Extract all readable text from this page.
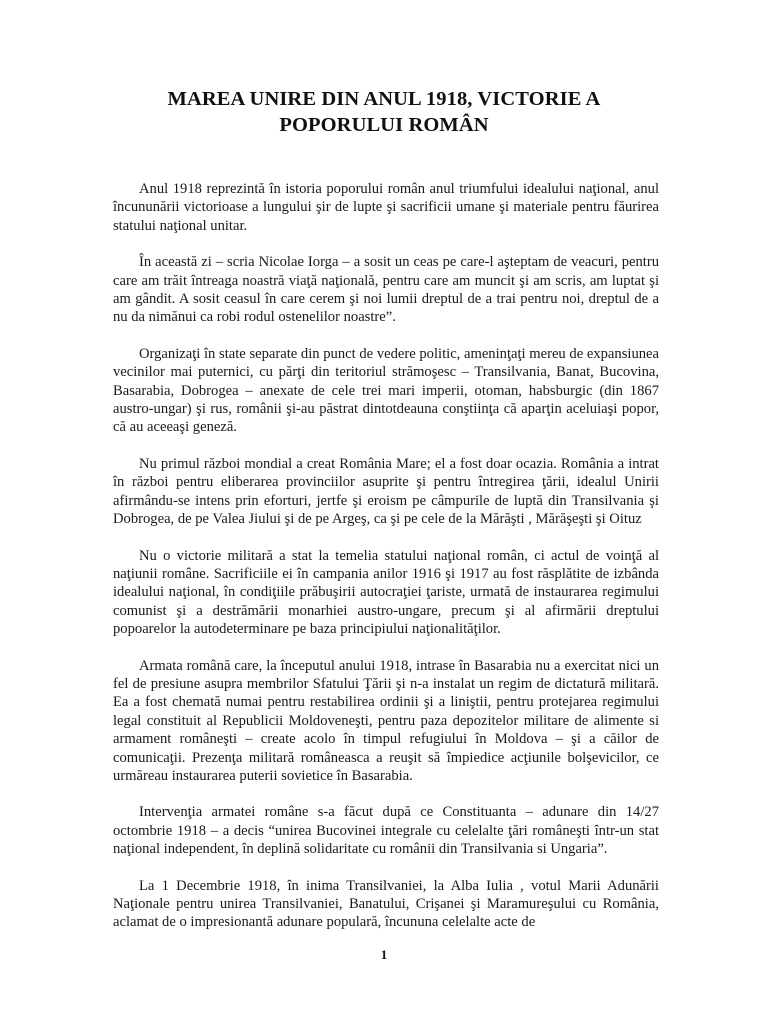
MAREA UNIRE DIN ANUL 1918, VICTORIE A
POPORULUI ROMÂN

Anul 1918 reprezintă în istoria poporului român anul triumfului idealului naţional, anul încununării victorioase a lungului şir de lupte şi sacrificii umane şi materiale pentru făurirea statului naţional unitar.

În această zi – scria Nicolae Iorga – a sosit un ceas pe care-l aşteptam de veacuri, pentru care am trăit întreaga noastră viaţă naţională, pentru care am muncit şi am scris, am luptat şi am gândit. A sosit ceasul în care cerem şi noi lumii dreptul de a trai pentru noi, dreptul de a nu da nimănui ca robi rodul ostenelilor noastre”.

Organizaţi în state separate din punct de vedere politic, ameninţaţi mereu de expansiunea vecinilor mai puternici, cu părţi din teritoriul strămoşesc – Transilvania, Banat, Bucovina, Basarabia, Dobrogea – anexate de cele trei mari imperii, otoman, habsburgic (din 1867 austro-ungar) şi rus, românii şi-au păstrat dintotdeauna conştiinţa că aparţin aceluiaşi popor, că au aceeaşi geneză.

Nu primul război mondial a creat România Mare; el a fost doar ocazia. România a intrat în război pentru eliberarea provinciilor asuprite şi pentru întregirea ţării, idealul Unirii afirmându-se intens prin eforturi, jertfe şi eroism pe câmpurile de luptă din Transilvania şi Dobrogea, de pe Valea Jiului şi de pe Argeş, ca şi pe cele de la Mărăşti , Mărăşeşti şi Oituz

Nu o victorie militară a stat la temelia statului naţional român, ci actul de voinţă al naţiunii române. Sacrificiile ei în campania anilor 1916 şi 1917 au fost răsplătite de izbânda idealului naţional, în condiţiile prăbuşirii autocraţiei ţariste, urmată de instaurarea regimului comunist şi a destrămării monarhiei austro-ungare, precum şi al afirmării dreptului popoarelor la autodeterminare pe baza principiului naţionalităţilor.

Armata română care, la începutul anului 1918, intrase în Basarabia nu a exercitat nici un fel de presiune asupra membrilor Sfatului Ţării şi n-a instalat un regim de dictatură militară. Ea a fost chemată numai pentru restabilirea ordinii şi a liniştii, pentru protejarea regimului legal constituit al Republicii Moldoveneşti, pentru paza depozitelor militare de alimente si armament româneşti – create acolo în timpul refugiului în Moldova – şi a căilor de comunicaţii. Prezenţa militară româneasca a reuşit să împiedice acţiunile bolşevicilor, ce urmăreau instaurarea puterii sovietice în Basarabia.

Intervenţia armatei române s-a făcut după ce Constituanta – adunare din 14/27 octombrie 1918 – a decis “unirea Bucovinei integrale cu celelalte ţări româneşti într-un stat naţional independent, în deplină solidaritate cu românii din Transilvania si Ungaria”.

La 1 Decembrie 1918, în inima Transilvaniei, la Alba Iulia , votul Marii Adunării Naţionale pentru unirea Transilvaniei, Banatului, Crişanei şi Maramureşului cu România, aclamat de o impresionantă adunare populară, încununa celelalte acte de

1
